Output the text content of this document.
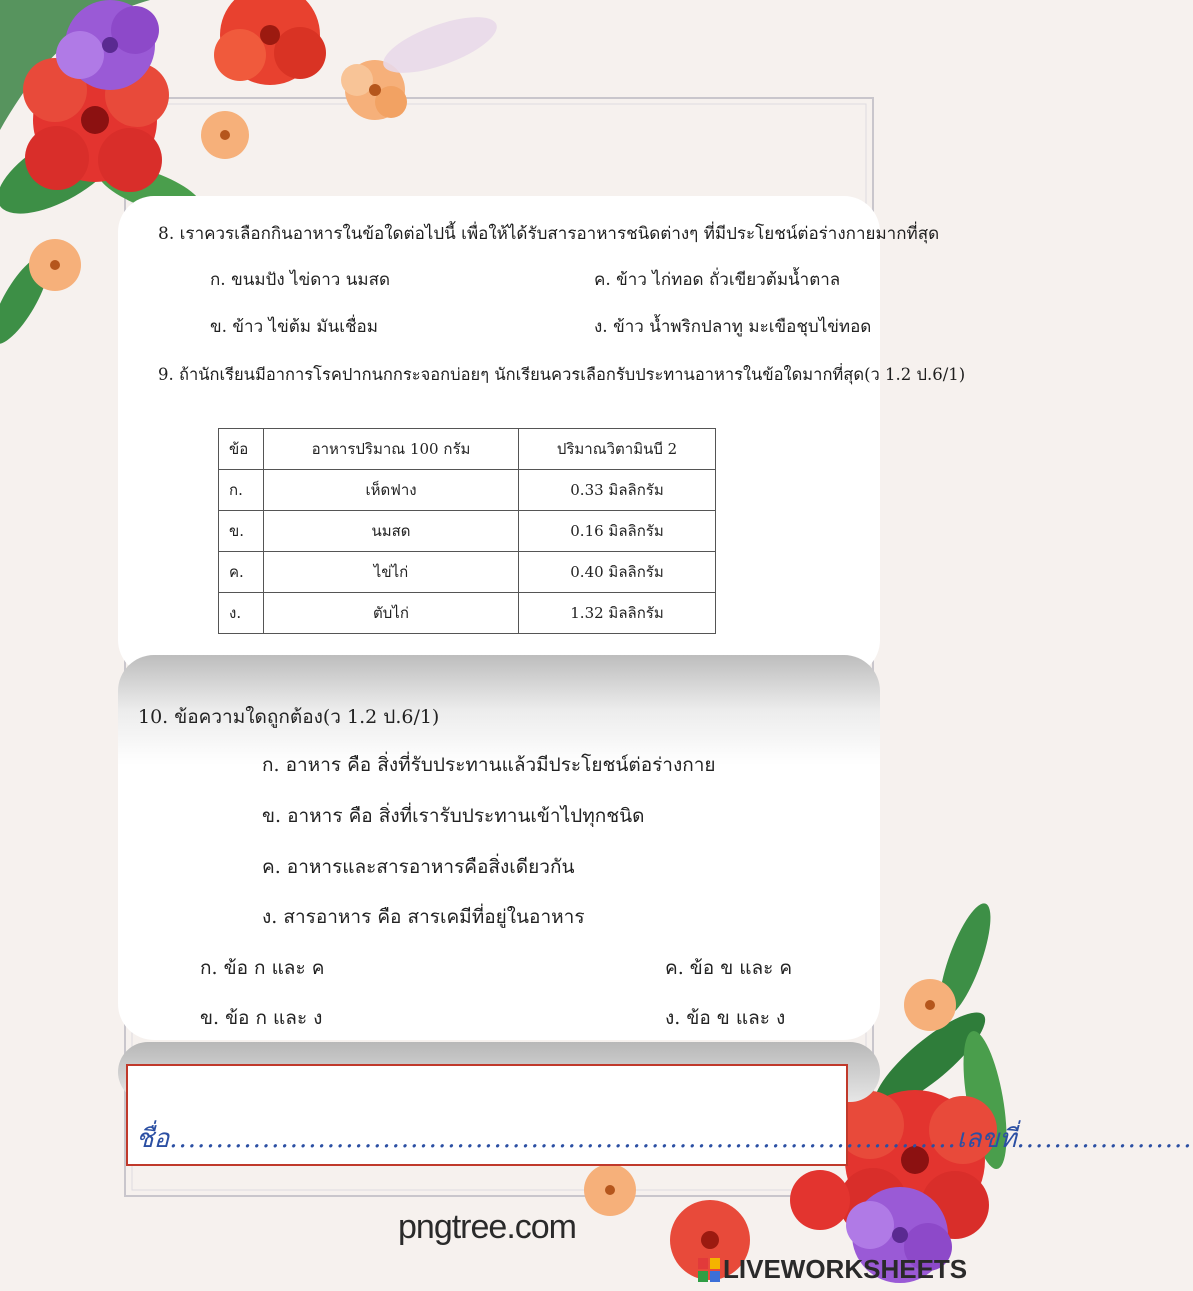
8. เราควรเลือกกินอาหารในข้อใดต่อไปนี้ เพื่อให้ได้รับสารอาหารชนิดต่างๆ ที่มีประโยชน์ต่อร่างกายมากที่สุด
ก. ขนมปัง ไข่ดาว นมสด	ค. ข้าว ไก่ทอด ถั่วเขียวต้มน้ำตาล
ข. ข้าว ไข่ต้ม มันเชื่อม	ง. ข้าว น้ำพริกปลาทู มะเขือชุบไข่ทอด
9. ถ้านักเรียนมีอาการโรคปากนกกระจอกบ่อยๆ นักเรียนควรเลือกรับประทานอาหารในข้อใดมากที่สุด(ว 1.2 ป.6/1)
ข้อ	อาหารปริมาณ 100 กรัม	ปริมาณวิตามินบี 2
ก.	เห็ดฟาง	0.33 มิลลิกรัม
ข.	นมสด	0.16 มิลลิกรัม
ค.	ไข่ไก่	0.40 มิลลิกรัม
ง.	ตับไก่	1.32 มิลลิกรัม
10. ข้อความใดถูกต้อง(ว 1.2 ป.6/1)
ก. อาหาร คือ สิ่งที่รับประทานแล้วมีประโยชน์ต่อร่างกาย
ข. อาหาร คือ สิ่งที่เรารับประทานเข้าไปทุกชนิด
ค. อาหารและสารอาหารคือสิ่งเดียวกัน
ง. สารอาหาร คือ สารเคมีที่อยู่ในอาหาร
ก. ข้อ ก และ ค	ค. ข้อ ข และ ค
ข. ข้อ ก และ ง	ง. ข้อ ข และ ง
ชื่อ.....................................................................................เลขที่...................
pngtree.com
LIVEWORKSHEETS
